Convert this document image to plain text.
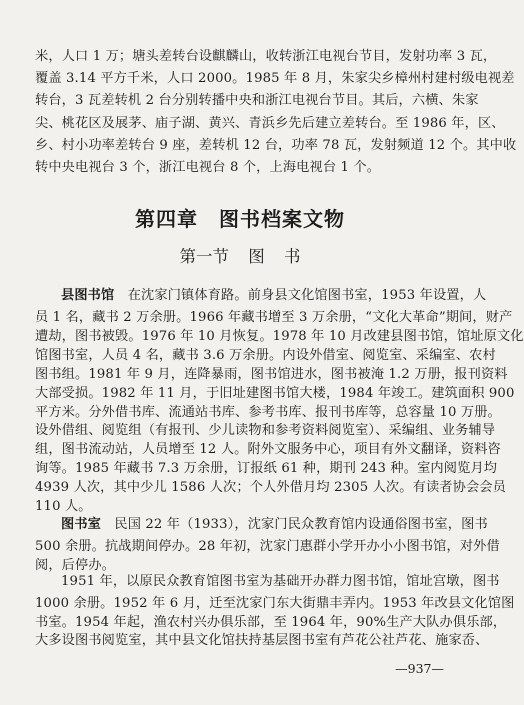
米，人口 1 万；塘头差转台设麒麟山，收转浙江电视台节目，发射功率 3 瓦，
覆盖 3.14 平方千米，人口 2000。1985 年 8 月，朱家尖乡樟州村建村级电视差
转台，3 瓦差转机 2 台分别转播中央和浙江电视台节目。其后，六横、朱家
尖、桃花区及展茅、庙子湖、黄兴、青浜乡先后建立差转台。至 1986 年，区、
乡、村小功率差转台 9 座，差转机 12 台，功率 78 瓦，发射频道 12 个。其中收
转中央电视台 3 个，浙江电视台 8 个，上海电视台 1 个。
第四章　图书档案文物
第一节 图 书
县图书馆　在沈家门镇体育路。前身县文化馆图书室，1953 年设置，人
员 1 名，藏书 2 万余册。1966 年藏书增至 3 万余册，“文化大革命”期间，财产
遭劫，图书被毁。1976 年 10 月恢复。1978 年 10 月改建县图书馆，馆址原文化
馆图书室，人员 4 名，藏书 3.6 万余册。内设外借室、阅览室、采编室、农村
图书组。1981 年 9 月，连降暴雨，图书馆进水，图书被淹 1.2 万册，报刊资料
大部受损。1982 年 11 月，于旧址建图书馆大楼，1984 年竣工。建筑面积 900
平方米。分外借书库、流通站书库、参考书库、报刊书库等，总容量 10 万册。
设外借组、阅览组（有报刊、少儿读物和参考资料阅览室）、采编组、业务辅导
组，图书流动站，人员增至 12 人。附外文服务中心，项目有外文翻译，资料咨
询等。1985 年藏书 7.3 万余册，订报纸 61 种，期刊 243 种。室内阅览月均
4939 人次，其中少儿 1586 人次；个人外借月均 2305 人次。有读者协会会员
110 人。
图书室　民国 22 年（1933），沈家门民众教育馆内设通俗图书室，图书
500 余册。抗战期间停办。28 年初，沈家门惠群小学开办小小图书馆，对外借
阅，后停办。
1951 年，以原民众教育馆图书室为基础开办群力图书馆，馆址宫墩，图书
1000 余册。1952 年 6 月，迁至沈家门东大街鼎丰弄内。1953 年改县文化馆图
书室。1954 年起，渔农村兴办俱乐部，至 1964 年，90%生产大队办俱乐部，
大多设图书阅览室，其中县文化馆扶持基层图书室有芦花公社芦花、施家岙、
—937—
